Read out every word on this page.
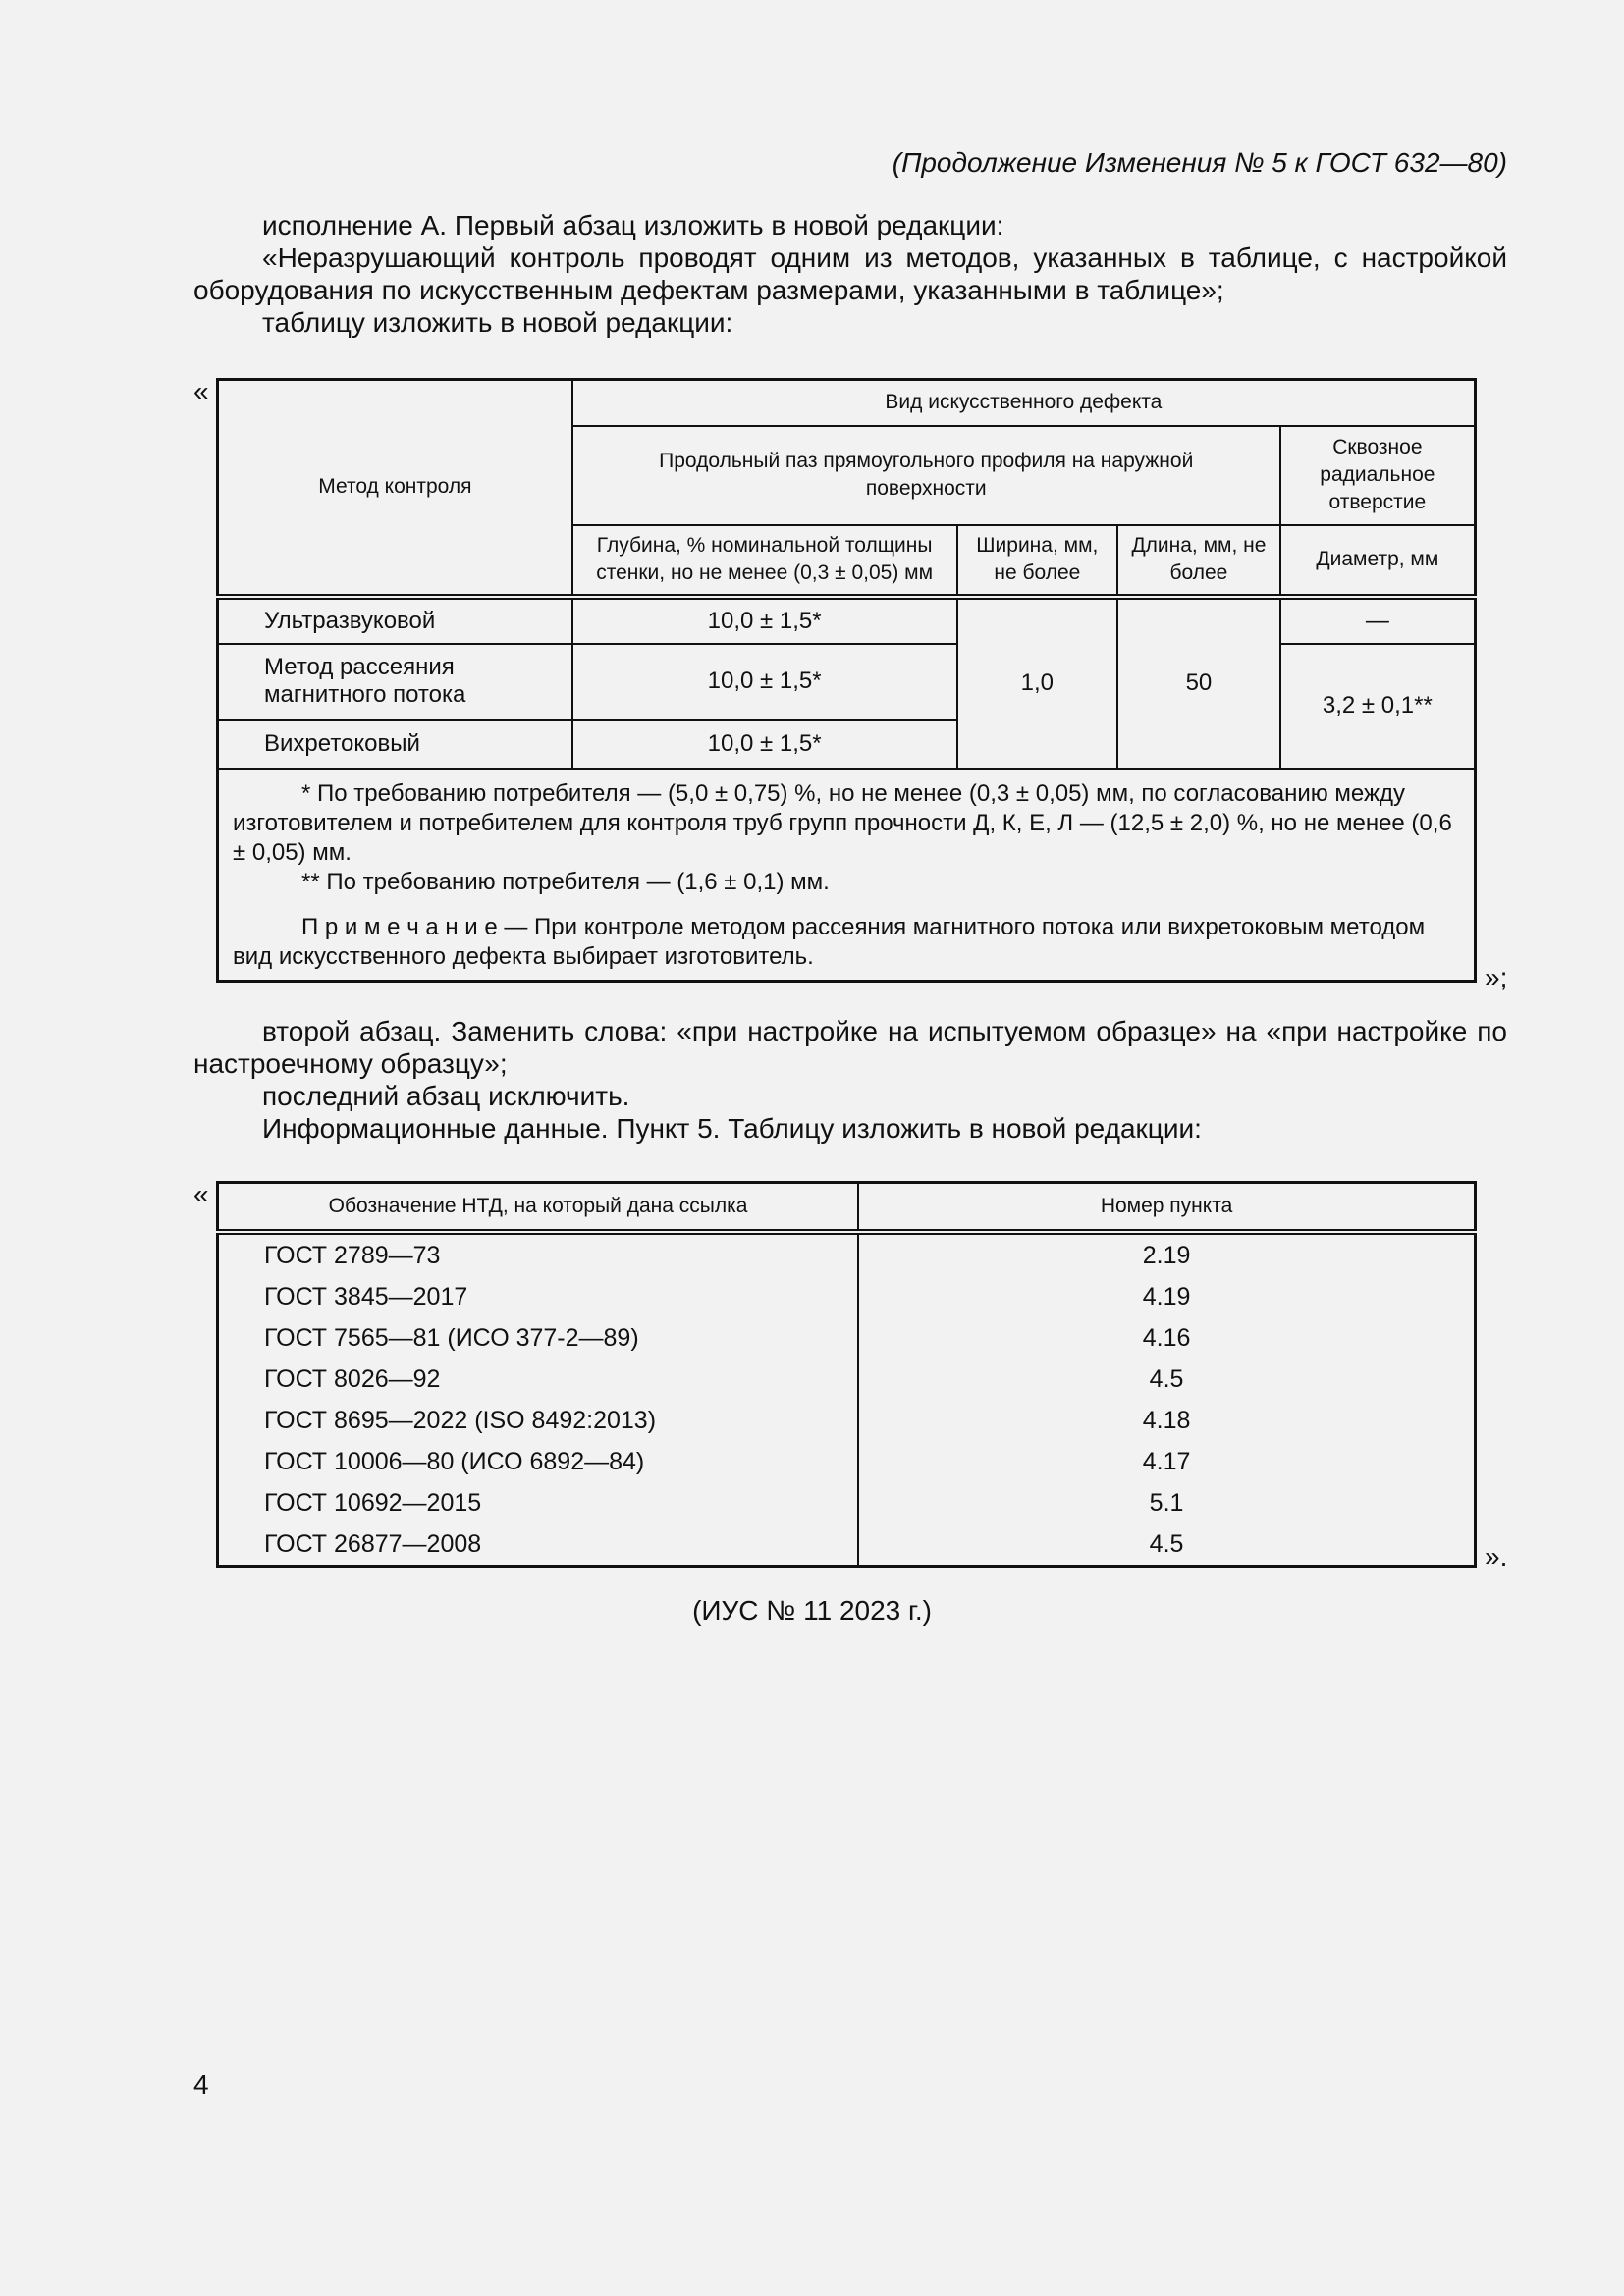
(Продолжение Изменения № 5 к ГОСТ 632—80)
исполнение А. Первый абзац изложить в новой редакции:
«Неразрушающий контроль проводят одним из методов, указанных в таблице, с настройкой оборудования по искусственным дефектам размерами, указанными в таблице»;
таблицу изложить в новой редакции:
«
Метод контроля	Вид искусственного дефекта			
	Продольный паз прямоугольного профиля на наружной поверхности			Сквозное радиальное отверстие
	Глубина, % номинальной толщины стенки, но не менее (0,3 ± 0,05) мм	Ширина, мм, не более	Длина, мм, не более	Диаметр, мм
Ультразвуковой	10,0 ± 1,5*	1,0	50	—
Метод рассеяния магнитного потока	10,0 ± 1,5*			3,2 ± 0,1**
Вихретоковый	10,0 ± 1,5*			

* По требованию потребителя — (5,0 ± 0,75) %, но не менее (0,3 ± 0,05) мм, по согласованию между изготовителем и потребителем для контроля труб групп прочности Д, К, Е, Л — (12,5 ± 2,0) %, но не менее (0,6 ± 0,05) мм.
** По требованию потребителя — (1,6 ± 0,1) мм.
П р и м е ч а н и е — При контроле методом рассеяния магнитного потока или вихретоковым методом вид искусственного дефекта выбирает изготовитель.				
»;
второй абзац. Заменить слова: «при настройке на испытуемом образце» на «при настройке по настроечному образцу»;
последний абзац исключить.
Информационные данные. Пункт 5. Таблицу изложить в новой редакции:
«	Обозначение НТД, на который дана ссылка	Номер пункта
ГОСТ 2789—73	2.19
ГОСТ 3845—2017	4.19
ГОСТ 7565—81 (ИСО 377-2—89)	4.16
ГОСТ 8026—92	4.5
ГОСТ 8695—2022 (ISO 8492:2013)	4.18
ГОСТ 10006—80 (ИСО 6892—84)	4.17
ГОСТ 10692—2015	5.1
ГОСТ 26877—2008	4.5	».
(ИУС № 11 2023 г.)
4
